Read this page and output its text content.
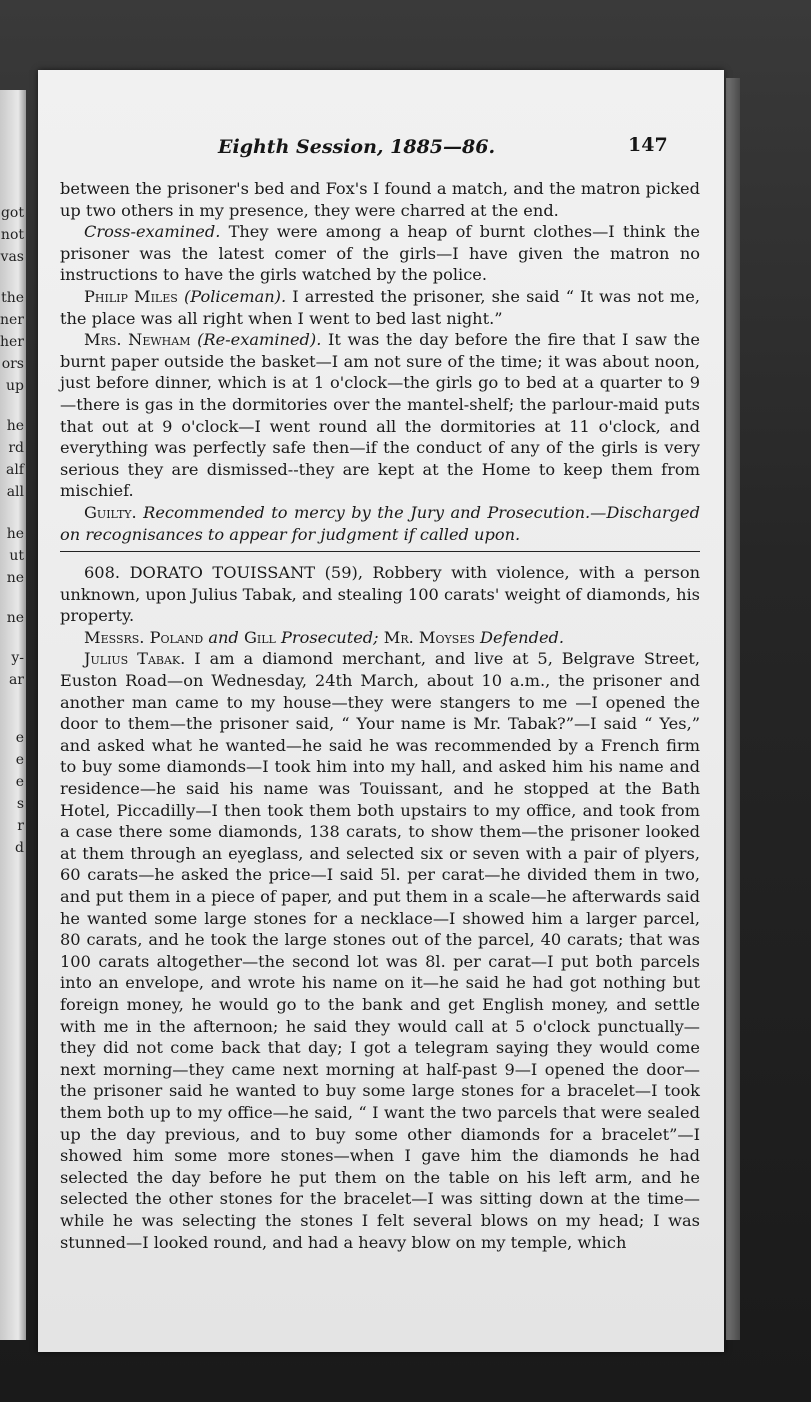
got
not
vas
the
ner
her
ors
up
he
rd
alf
all
he
ut
ne
ne
y-
ar
e
e
e
s
r
d
Eighth Session, 1885—86.	147

between the prisoner's bed and Fox's I found a match, and the matron picked up two others in my presence, they were charred at the end.

Cross-examined. They were among a heap of burnt clothes—I think the prisoner was the latest comer of the girls—I have given the matron no instructions to have the girls watched by the police.

Philip Miles (Policeman). I arrested the prisoner, she said “ It was not me, the place was all right when I went to bed last night.”

Mrs. Newham (Re-examined). It was the day before the fire that I saw the burnt paper outside the basket—I am not sure of the time; it was about noon, just before dinner, which is at 1 o'clock—the girls go to bed at a quarter to 9—there is gas in the dormitories over the mantel-shelf; the parlour-maid puts that out at 9 o'clock—I went round all the dormitories at 11 o'clock, and everything was perfectly safe then—if the conduct of any of the girls is very serious they are dismissed--they are kept at the Home to keep them from mischief.

Guilty. Recommended to mercy by the Jury and Prosecution.—Discharged on recognisances to appear for judgment if called upon.

608. DORATO TOUISSANT (59), Robbery with violence, with a person unknown, upon Julius Tabak, and stealing 100 carats' weight of diamonds, his property.

Messrs. Poland and Gill Prosecuted; Mr. Moyses Defended.

Julius Tabak. I am a diamond merchant, and live at 5, Belgrave Street, Euston Road—on Wednesday, 24th March, about 10 a.m., the prisoner and another man came to my house—they were stangers to me —I opened the door to them—the prisoner said, “ Your name is Mr. Tabak?”—I said “ Yes,” and asked what he wanted—he said he was recommended by a French firm to buy some diamonds—I took him into my hall, and asked him his name and residence—he said his name was Touissant, and he stopped at the Bath Hotel, Piccadilly—I then took them both upstairs to my office, and took from a case there some diamonds, 138 carats, to show them—the prisoner looked at them through an eyeglass, and selected six or seven with a pair of plyers, 60 carats—he asked the price—I said 5l. per carat—he divided them in two, and put them in a piece of paper, and put them in a scale—he afterwards said he wanted some large stones for a necklace—I showed him a larger parcel, 80 carats, and he took the large stones out of the parcel, 40 carats; that was 100 carats altogether—the second lot was 8l. per carat—I put both parcels into an envelope, and wrote his name on it—he said he had got nothing but foreign money, he would go to the bank and get English money, and settle with me in the afternoon; he said they would call at 5 o'clock punctually—they did not come back that day; I got a telegram saying they would come next morning—they came next morning at half-past 9—I opened the door—the prisoner said he wanted to buy some large stones for a bracelet—I took them both up to my office—he said, “ I want the two parcels that were sealed up the day previous, and to buy some other diamonds for a bracelet”—I showed him some more stones—when I gave him the diamonds he had selected the day before he put them on the table on his left arm, and he selected the other stones for the bracelet—I was sitting down at the time—while he was selecting the stones I felt several blows on my head; I was stunned—I looked round, and had a heavy blow on my temple, which
